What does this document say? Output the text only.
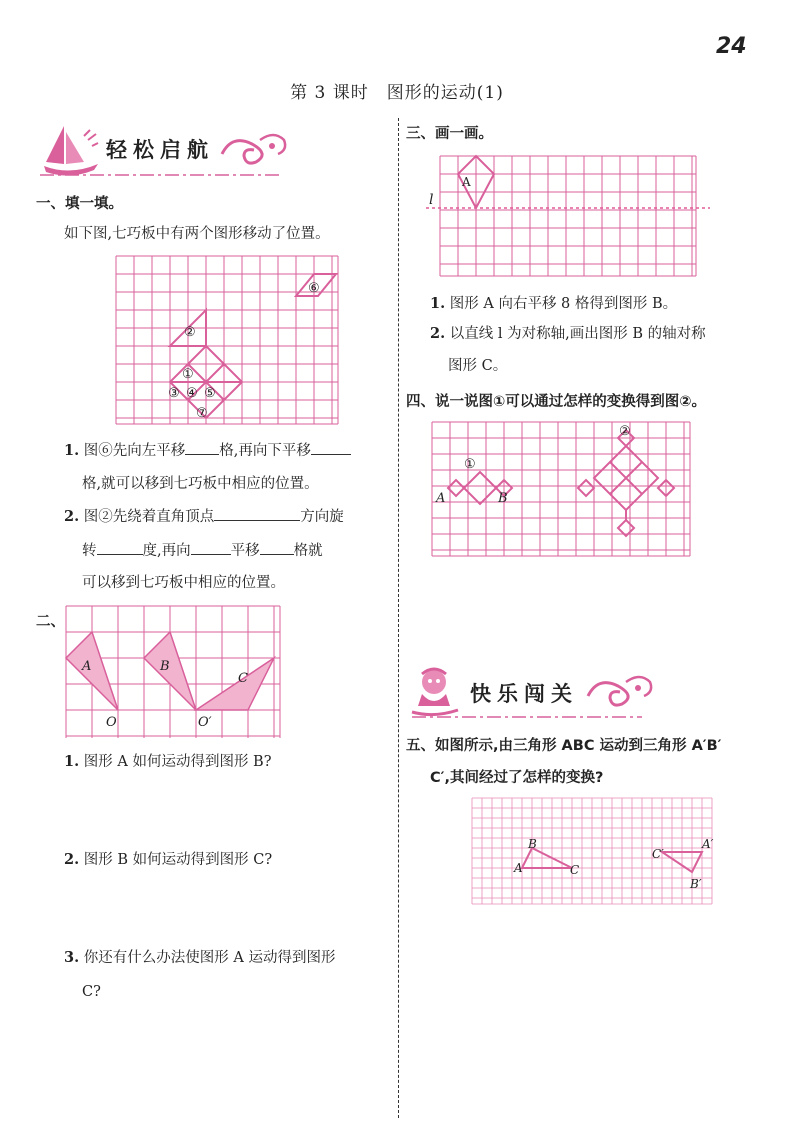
24
第 3 课时　图形的运动(1)
轻松启航
一、填一填。
如下图,七巧板中有两个图形移动了位置。
⑥
②
①
③ ④ ⑤
⑦
1. 图⑥先向左平移 格,再向下平移
格,就可以移到七巧板中相应的位置。
2. 图②先绕着直角顶点	方向旋
转	度,再向	平移 格就
可以移到七巧板中相应的位置。
二、
A	B
C
O	O′
1. 图形 A 如何运动得到图形 B?
2. 图形 B 如何运动得到图形 C?
3. 你还有什么办法使图形 A 运动得到图形
C?
三、画一画。
l
A
1. 图形 A 向右平移 8 格得到图形 B。
2. 以直线 l 为对称轴,画出图形 B 的轴对称
图形 C。
四、说一说图①可以通过怎样的变换得到图②。
②
①
A	B
快乐闯关
五、如图所示,由三角形 ABC 运动到三角形 A′B′
C′,其间经过了怎样的变换?
B
A	C
C′
A′
B′
